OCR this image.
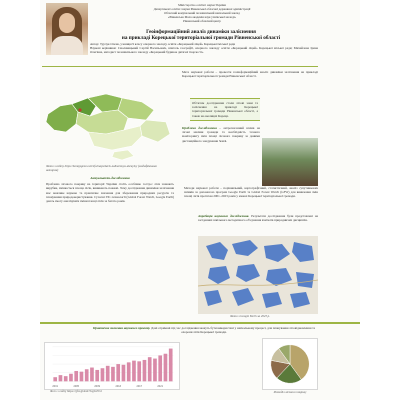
Міністерство освіти і науки України
Департамент освіти і науки Рівненської обласної державної адміністрації
Обласний комунальний позашкільний навчальний заклад
«Рівненська Мала академія наук учнівської молоді»
Рівненський обласний центр
Геоінформаційний аналіз динаміки заліснення
на прикладі Корецької територіальної громади Рівненської області
Автор: Турчук Олена, учениця 9 класу опорного закладу освіти «Корецький ліцей» Корецької міської ради
Наукові керівники: Смоляницький Сергій Васильович, вчитель географії, опорного закладу освіти «Корецький ліцей» Корецької міської ради; Михайлова Ірина Олегівна, методист позашкільного закладу «Корецький будинок дитячої творчості»
Фото з сайту https://konigsgrass.net/nfo/maps/kartu-zaliszennya-ukrayiny (модифіковано автором)
Мета наукової роботи – провести геоінформаційний аналіз динаміки заліснення на прикладі Корецької територіальної громади Рівненської області.
Об'єктом дослідження стали лісові зони та заліснення на прикладі Корецької територіальної громади Рівненської області, а також на околицях Кореця.
Проблема дослідження – антропогенний вплив на лісові масиви громади та необхідність точного моніторингу змін площі лісового покриву за даними дистанційного зондування Землі.
Актуальність дослідження
Проблема лісового покриву на території України стоїть особливо гостро: ліси зазнають вирубки, змінюється площа лісів, виникають пожежі. Тому дослідження динаміки заліснення має важливе наукове та практичне значення для збереження природних ресурсів та планування природокористування. Сучасні ГІС-технології (Global Forest Watch, Google Earth) дають змогу аналізувати зміни площі лісів за багато років.
Методи наукової роботи – порівняльний, картографічний, статистичний, аналіз супутникових знімків за допомогою програм Google Earth та Global Forest Watch (GFW) для виявлення змін площі лісів протягом 2001–2023 років у межах Корецької територіальної громади.
Апробація наукового дослідження. Результати дослідження були представлені на засіданнях шкільного методичного об'єднання вчителів природничих дисциплін.
Фото з Google Earth за 2023 р.
Практичне значення наукового проєкту. Дані отримані під час дослідження можуть бути використані у навчальному процесі, для планування лісовідновлення та охорони лісів Корецької громади.
2001	2005	2009	2013	2017	2021
Фото з сайту https://gfw.global/3vg2wWd	Розподіл лісового покриву
